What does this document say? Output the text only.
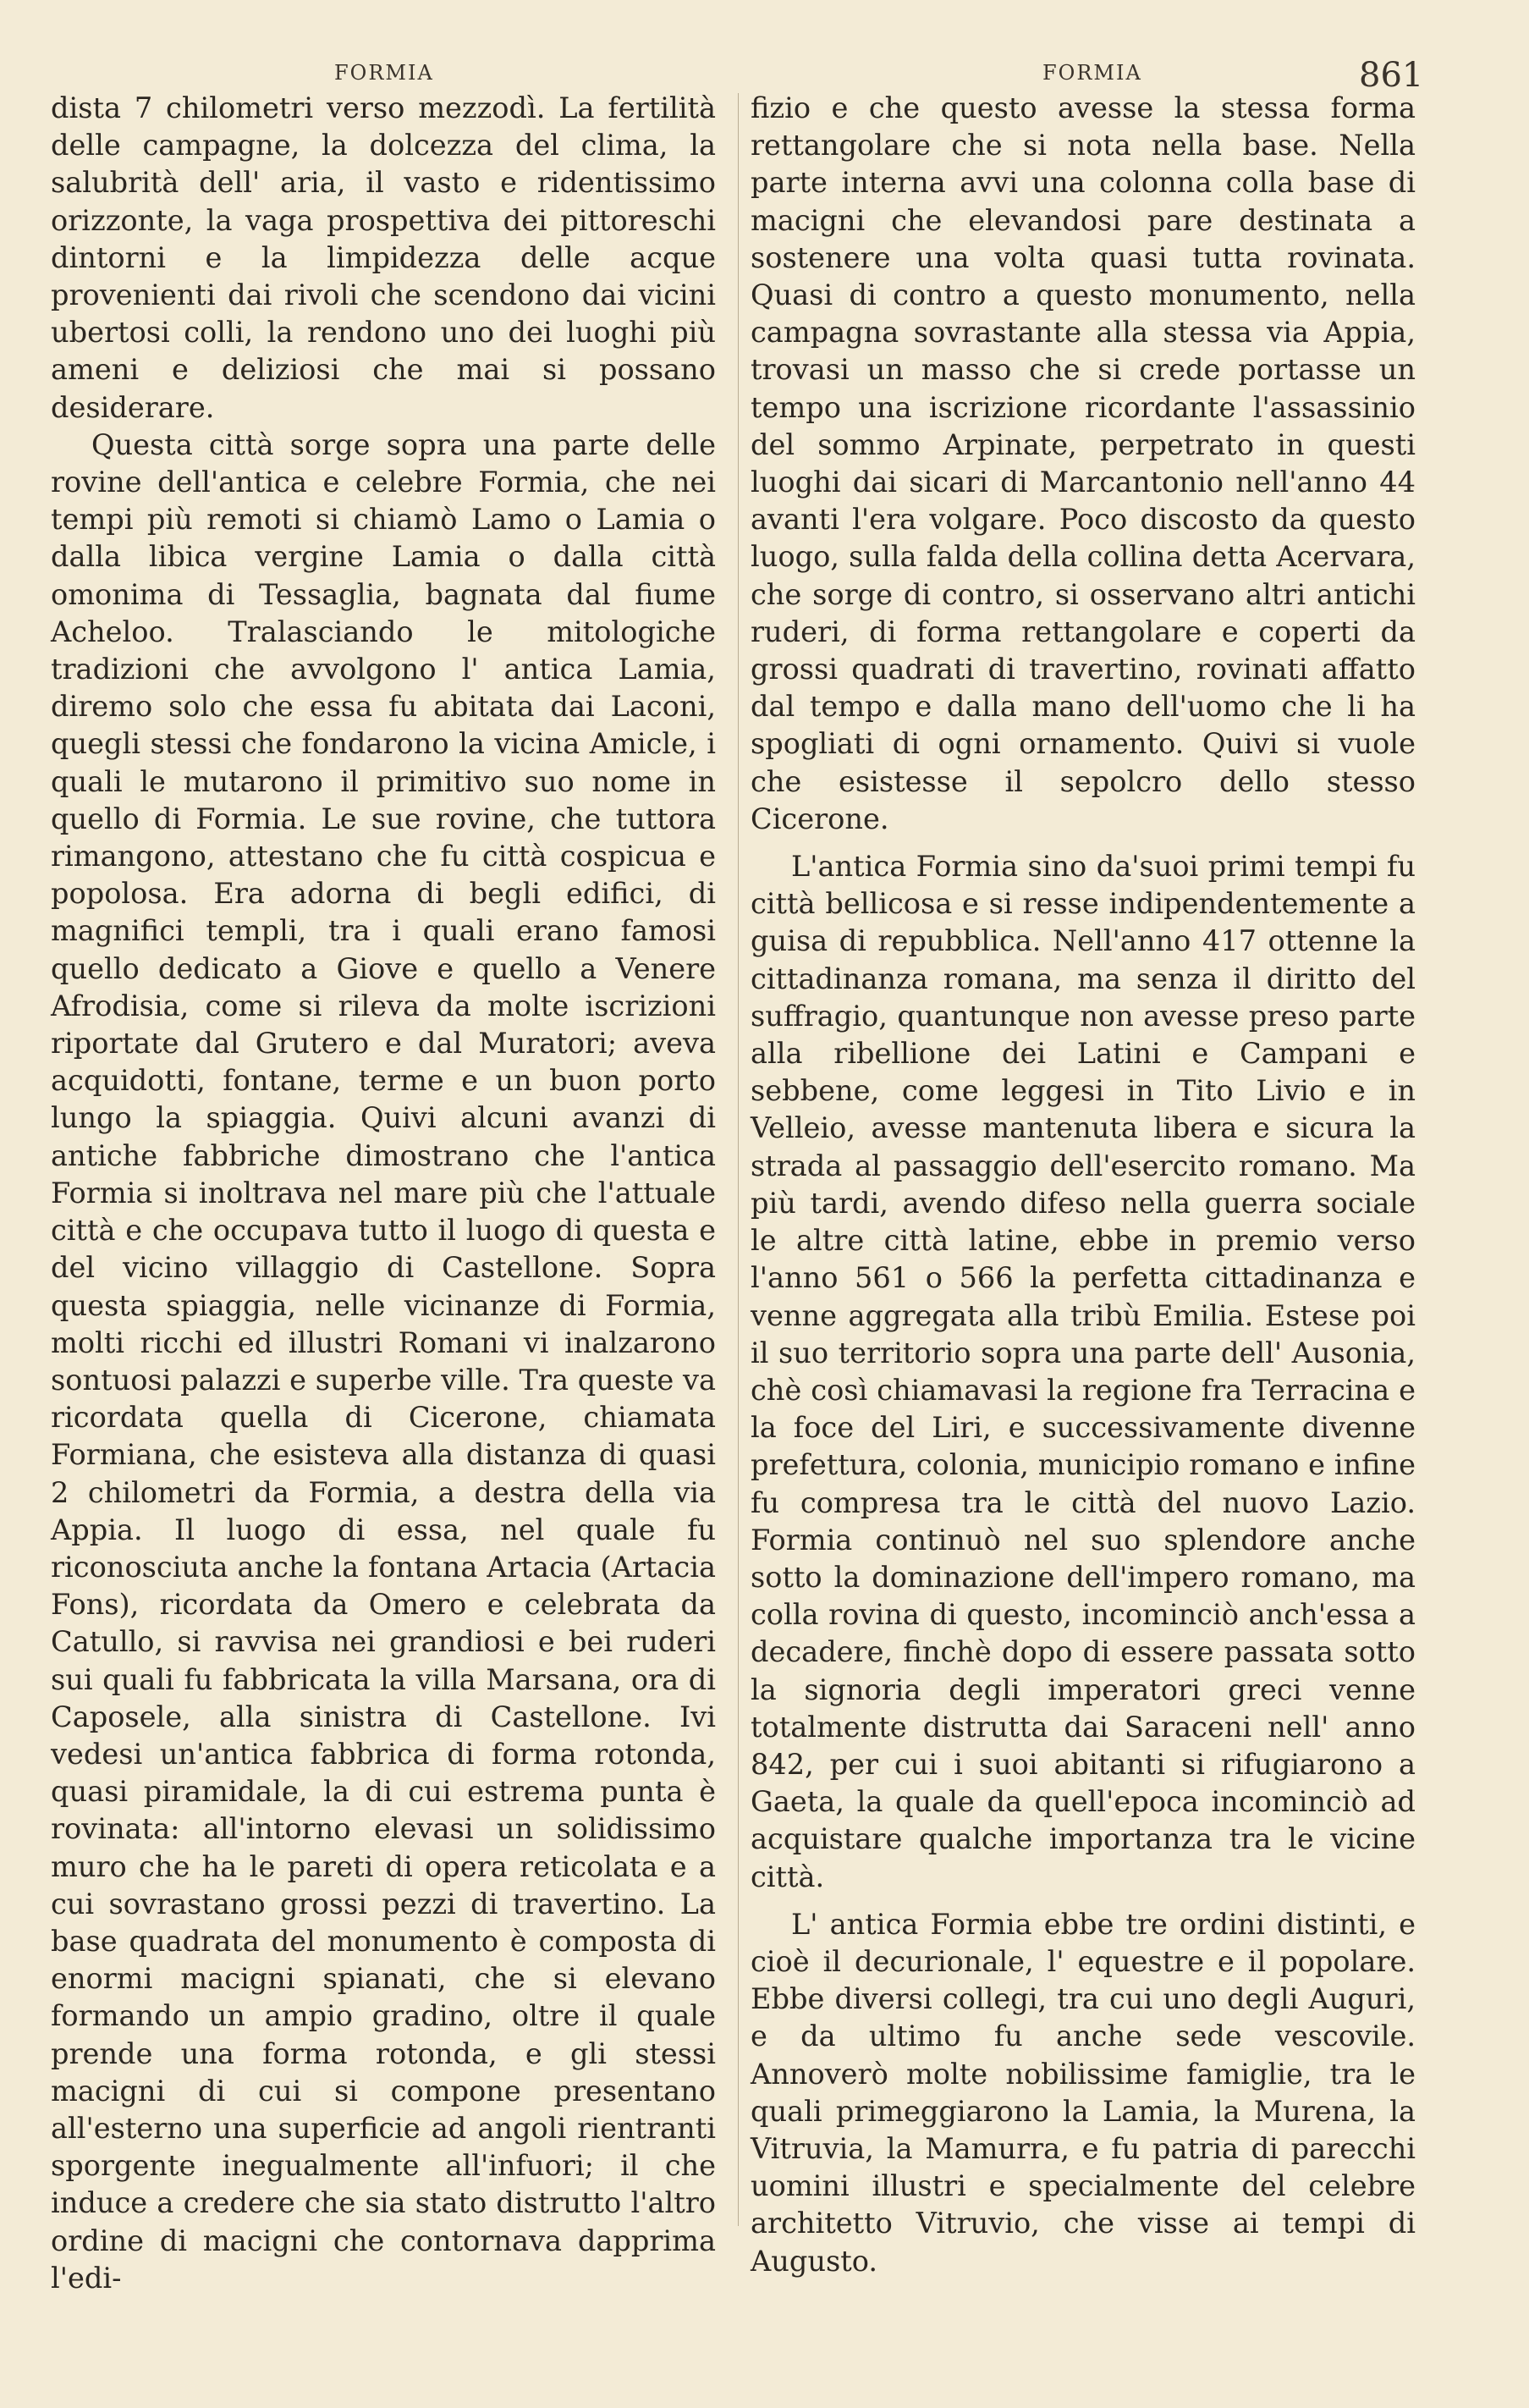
FORMIA	FORMIA	861

dista 7 chilometri verso mezzodì. La fertilità delle campagne, la dolcezza del clima, la salubrità dell' aria, il vasto e ridentissimo orizzonte, la vaga prospettiva dei pittoreschi dintorni e la limpidezza delle acque provenienti dai rivoli che scendono dai vicini ubertosi colli, la rendono uno dei luoghi più ameni e deliziosi che mai si possano desiderare.

Questa città sorge sopra una parte delle rovine dell'antica e celebre Formia, che nei tempi più remoti si chiamò Lamo o Lamia o dalla libica vergine Lamia o dalla città omonima di Tessaglia, bagnata dal fiume Acheloo. Tralasciando le mitologiche tradizioni che avvolgono l' antica Lamia, diremo solo che essa fu abitata dai Laconi, quegli stessi che fondarono la vicina Amicle, i quali le mutarono il primitivo suo nome in quello di Formia. Le sue rovine, che tuttora rimangono, attestano che fu città cospicua e popolosa. Era adorna di begli edifici, di magnifici templi, tra i quali erano famosi quello dedicato a Giove e quello a Venere Afrodisia, come si rileva da molte iscrizioni riportate dal Grutero e dal Muratori; aveva acquidotti, fontane, terme e un buon porto lungo la spiaggia. Quivi alcuni avanzi di antiche fabbriche dimostrano che l'antica Formia si inoltrava nel mare più che l'attuale città e che occupava tutto il luogo di questa e del vicino villaggio di Castellone. Sopra questa spiaggia, nelle vicinanze di Formia, molti ricchi ed illustri Romani vi inalzarono sontuosi palazzi e superbe ville. Tra queste va ricordata quella di Cicerone, chiamata Formiana, che esisteva alla distanza di quasi 2 chilometri da Formia, a destra della via Appia. Il luogo di essa, nel quale fu riconosciuta anche la fontana Artacia (Artacia Fons), ricordata da Omero e celebrata da Catullo, si ravvisa nei grandiosi e bei ruderi sui quali fu fabbricata la villa Marsana, ora di Caposele, alla sinistra di Castellone. Ivi vedesi un'antica fabbrica di forma rotonda, quasi piramidale, la di cui estrema punta è rovinata: all'intorno elevasi un solidissimo muro che ha le pareti di opera reticolata e a cui sovrastano grossi pezzi di travertino. La base quadrata del monumento è composta di enormi macigni spianati, che si elevano formando un ampio gradino, oltre il quale prende una forma rotonda, e gli stessi macigni di cui si compone presentano all'esterno una superficie ad angoli rientranti sporgente inegualmente all'infuori; il che induce a credere che sia stato distrutto l'altro ordine di macigni che contornava dapprima l'edi-

fizio e che questo avesse la stessa forma rettangolare che si nota nella base. Nella parte interna avvi una colonna colla base di macigni che elevandosi pare destinata a sostenere una volta quasi tutta rovinata. Quasi di contro a questo monumento, nella campagna sovrastante alla stessa via Appia, trovasi un masso che si crede portasse un tempo una iscrizione ricordante l'assassinio del sommo Arpinate, perpetrato in questi luoghi dai sicari di Marcantonio nell'anno 44 avanti l'era volgare. Poco discosto da questo luogo, sulla falda della collina detta Acervara, che sorge di contro, si osservano altri antichi ruderi, di forma rettangolare e coperti da grossi quadrati di travertino, rovinati affatto dal tempo e dalla mano dell'uomo che li ha spogliati di ogni ornamento. Quivi si vuole che esistesse il sepolcro dello stesso Cicerone.

L'antica Formia sino da'suoi primi tempi fu città bellicosa e si resse indipendentemente a guisa di repubblica. Nell'anno 417 ottenne la cittadinanza romana, ma senza il diritto del suffragio, quantunque non avesse preso parte alla ribellione dei Latini e Campani e sebbene, come leggesi in Tito Livio e in Velleio, avesse mantenuta libera e sicura la strada al passaggio dell'esercito romano. Ma più tardi, avendo difeso nella guerra sociale le altre città latine, ebbe in premio verso l'anno 561 o 566 la perfetta cittadinanza e venne aggregata alla tribù Emilia. Estese poi il suo territorio sopra una parte dell' Ausonia, chè così chiamavasi la regione fra Terracina e la foce del Liri, e successivamente divenne prefettura, colonia, municipio romano e infine fu compresa tra le città del nuovo Lazio. Formia continuò nel suo splendore anche sotto la dominazione dell'impero romano, ma colla rovina di questo, incominciò anch'essa a decadere, finchè dopo di essere passata sotto la signoria degli imperatori greci venne totalmente distrutta dai Saraceni nell' anno 842, per cui i suoi abitanti si rifugiarono a Gaeta, la quale da quell'epoca incominciò ad acquistare qualche importanza tra le vicine città.

L' antica Formia ebbe tre ordini distinti, e cioè il decurionale, l' equestre e il popolare. Ebbe diversi collegi, tra cui uno degli Auguri, e da ultimo fu anche sede vescovile. Annoverò molte nobilissime famiglie, tra le quali primeggiarono la Lamia, la Murena, la Vitruvia, la Mamurra, e fu patria di parecchi uomini illustri e specialmente del celebre architetto Vitruvio, che visse ai tempi di Augusto.
